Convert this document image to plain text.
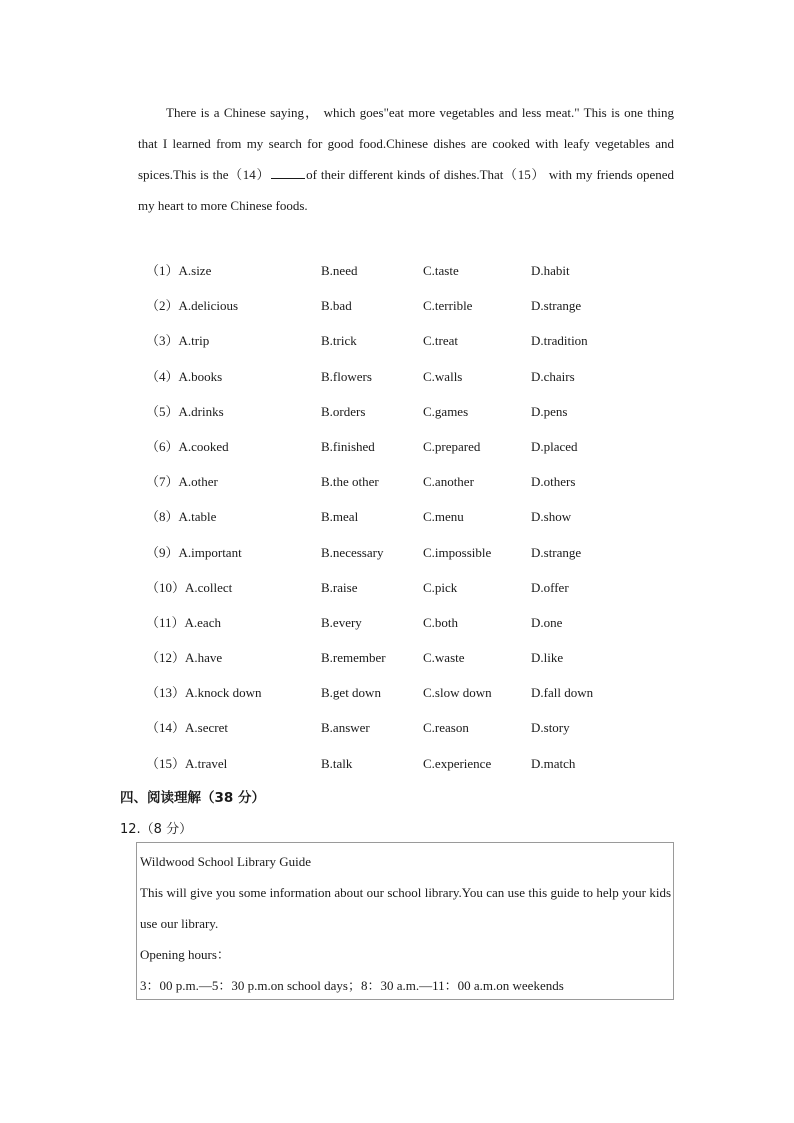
There is a Chinese saying， which goes"eat more vegetables and less meat." This is one thing that I learned from my search for good food.Chinese dishes are cooked with leafy vegetables and spices.This is the（14）	of their different kinds of dishes.That（15） with my friends opened my heart to more Chinese foods.

（1）A.size	B.need	C.taste	D.habit
（2）A.delicious	B.bad	C.terrible	D.strange
（3）A.trip	B.trick	C.treat	D.tradition
（4）A.books	B.flowers	C.walls	D.chairs
（5）A.drinks	B.orders	C.games	D.pens
（6）A.cooked	B.finished	C.prepared	D.placed
（7）A.other	B.the other	C.another	D.others
（8）A.table	B.meal	C.menu	D.show
（9）A.important	B.necessary	C.impossible	D.strange
（10）A.collect	B.raise	C.pick	D.offer
（11）A.each	B.every	C.both	D.one
（12）A.have	B.remember	C.waste	D.like
（13）A.knock down	B.get down	C.slow down	D.fall down
（14）A.secret	B.answer	C.reason	D.story
（15）A.travel	B.talk	C.experience	D.match
四、阅读理解（38 分）
12.（8 分）
Wildwood School Library Guide
This will give you some information about our school library.You can use this guide to help your kids use our library.
Opening hours：
3：00 p.m.—5：30 p.m.on school days；8：30 a.m.—11：00 a.m.on weekends
